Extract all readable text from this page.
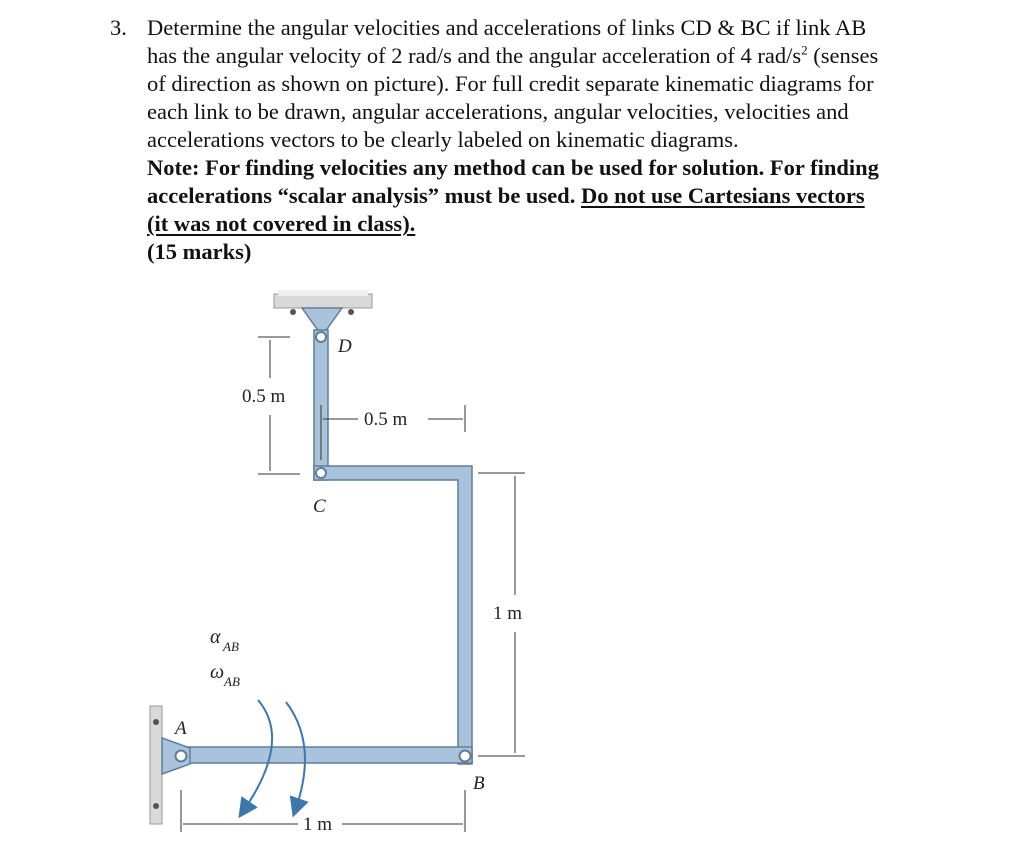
3. Determine the angular velocities and accelerations of links CD & BC if link AB
has the angular velocity of 2 rad/s and the angular acceleration of 4 rad/$s^2$ (senses
of direction as shown on picture). For full credit separate kinematic diagrams for
each link to be drawn, angular accelerations, angular velocities, velocities and
accelerations vectors to be clearly labeled on kinematic diagrams.
Note: For finding velocities any method can be used for solution. For finding
accelerations “scalar analysis” must be used. Do not use Cartesians vectors
(it was not covered in class).
(15 marks)
0.5 m
0.5 m
1 m
1 m
D
C
B
A
α AB
ω AB
